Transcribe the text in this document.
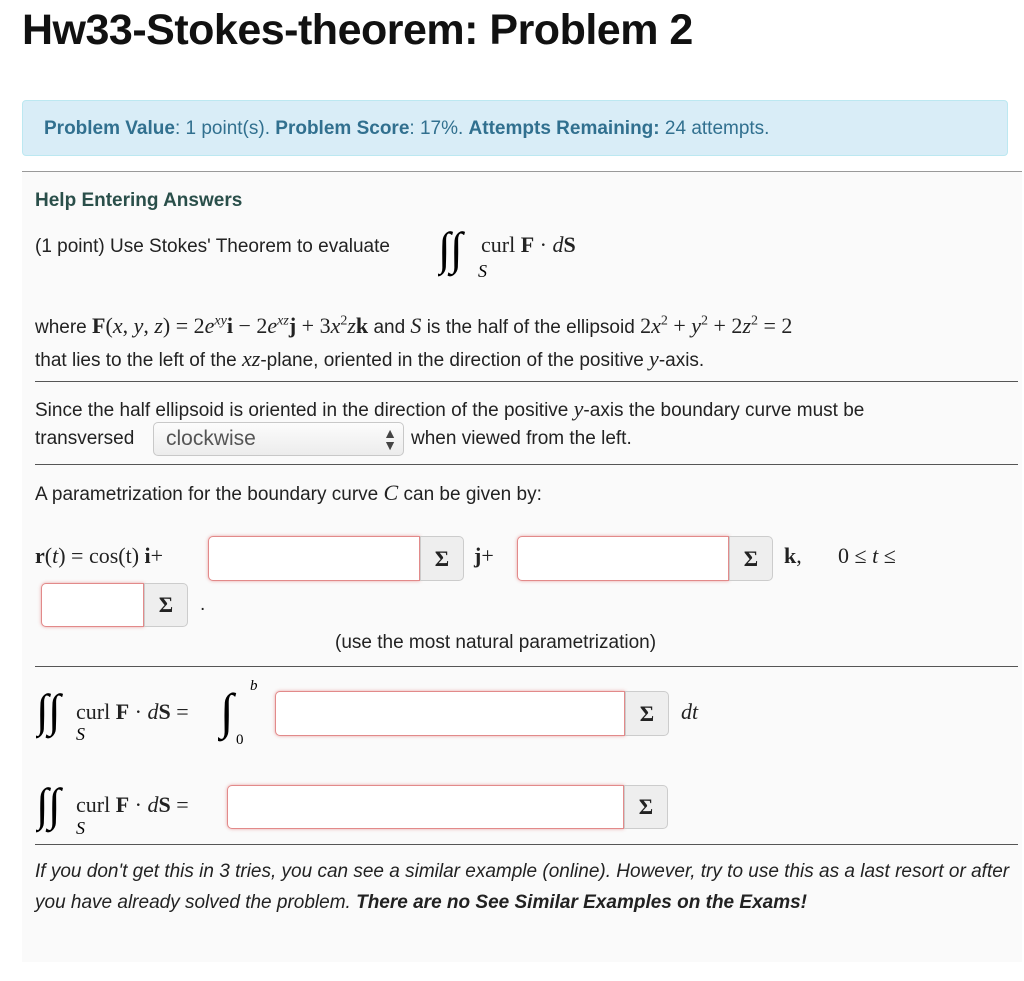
Hw33-Stokes-theorem: Problem 2
Problem Value: 1 point(s). Problem Score: 17%. Attempts Remaining: 24 attempts.
Help Entering Answers
(1 point) Use Stokes' Theorem to evaluate ∫ ∫ S
curl F · dS
where F(x, y, $z) = 2e^{xy}i - 2e^{xz}j + 3x^2zk$ and S is the half of the ellipsoid $2x^2 + y^2 + 2z^2 = 2$
that lies to the left of the xz-plane, oriented in the direction of the positive y-axis.
Since the half ellipsoid is oriented in the direction of the positive y-axis the boundary curve must be
transversed	clockwise	▲
▼ when viewed from the left.
A parametrization for the boundary curve C can be given by:
r(t) = cos(t) i+	Σ	j+	Σ	k, 0 ≤ t ≤
Σ	.
(use the most natural parametrization)
∫ ∫ S
curl F · dS = ∫ b
0
Σ	dt
∫ ∫ S
curl F · dS =	Σ
If you don't get this in 3 tries, you can see a similar example (online). However, try to use this as a last resort or after you have already solved the problem. There are no See Similar Examples on the Exams!
